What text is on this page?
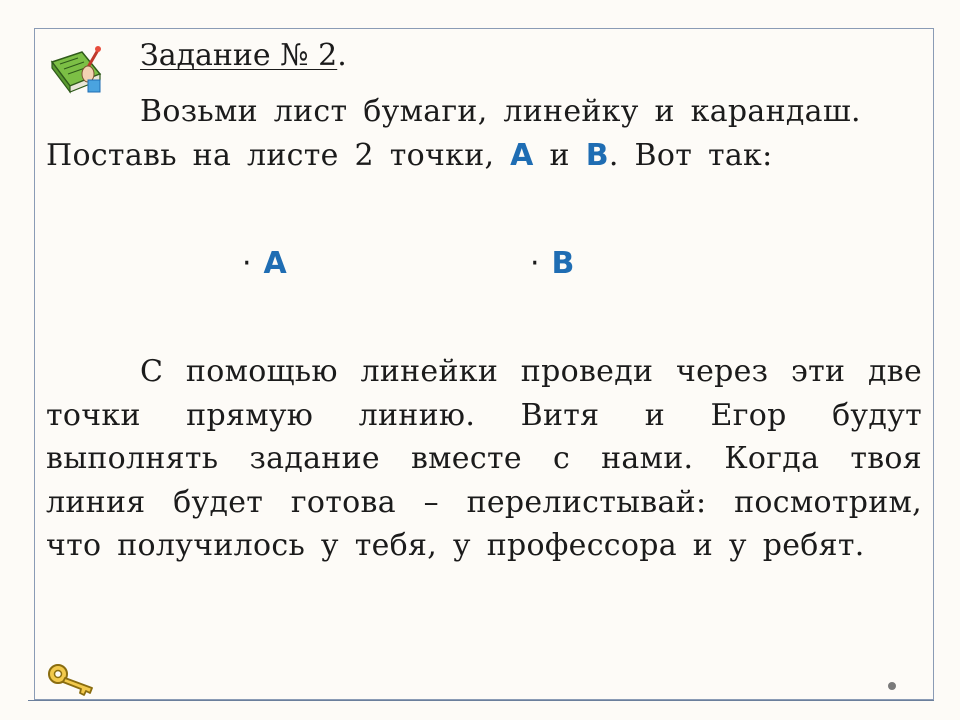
Задание № 2.
Возьми лист бумаги, линейку и карандаш.
Поставь на листе 2 точки, А и В. Вот так:
· А	· В
С помощью линейки проведи через эти две точки прямую линию. Витя и Егор будут выполнять задание вместе с нами. Когда твоя линия будет готова – перелистывай: посмотрим, что получилось у тебя, у профессора и у ребят.
